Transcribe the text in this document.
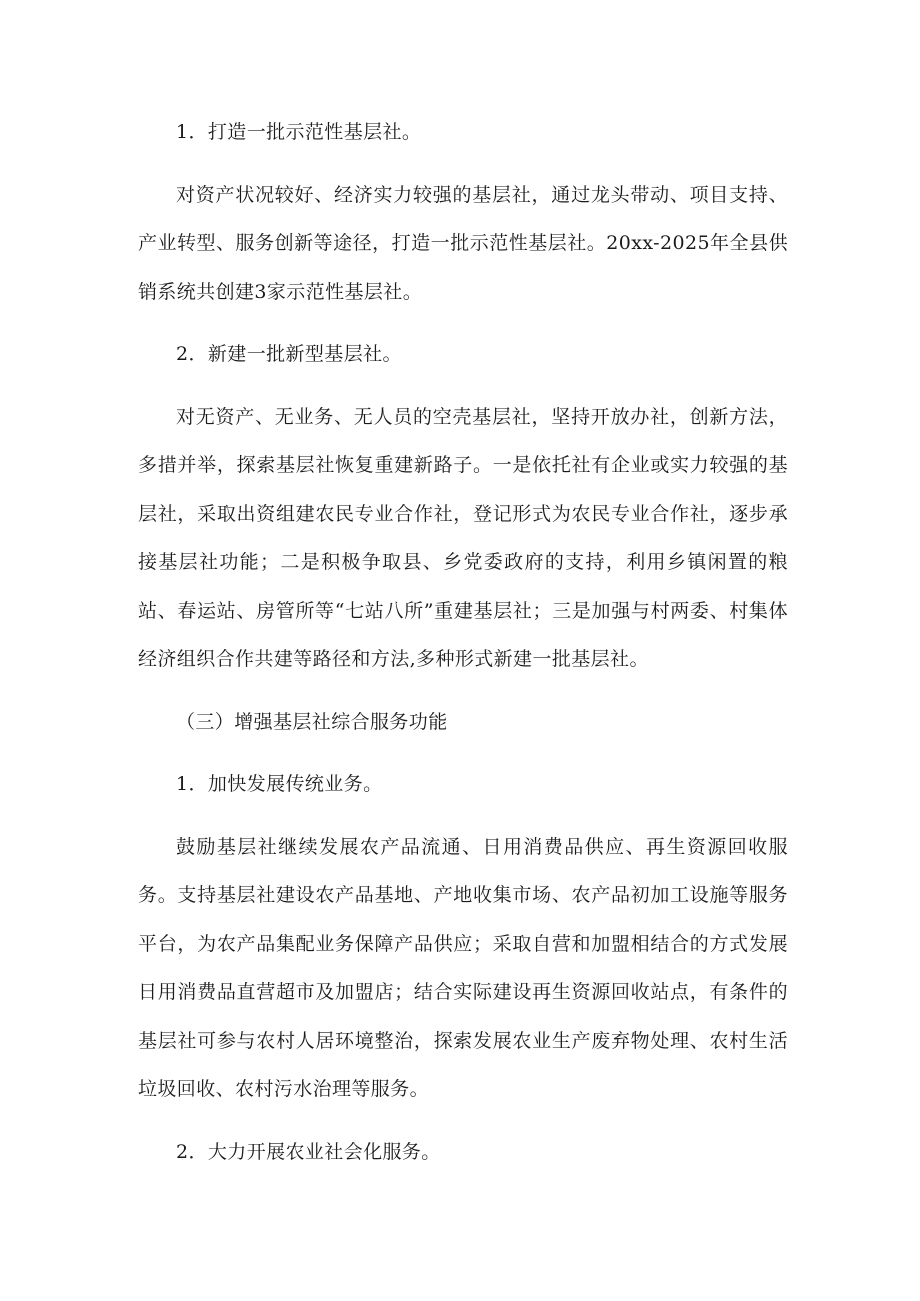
1．打造一批示范性基层社。

对资产状况较好、经济实力较强的基层社，通过龙头带动、项目支持、产业转型、服务创新等途径，打造一批示范性基层社。20xx-2025年全县供销系统共创建3家示范性基层社。

2．新建一批新型基层社。

对无资产、无业务、无人员的空壳基层社，坚持开放办社，创新方法，多措并举，探索基层社恢复重建新路子。一是依托社有企业或实力较强的基层社，采取出资组建农民专业合作社，登记形式为农民专业合作社，逐步承接基层社功能；二是积极争取县、乡党委政府的支持，利用乡镇闲置的粮站、春运站、房管所等“七站八所”重建基层社；三是加强与村两委、村集体经济组织合作共建等路径和方法,多种形式新建一批基层社。

（三）增强基层社综合服务功能

1．加快发展传统业务。

鼓励基层社继续发展农产品流通、日用消费品供应、再生资源回收服务。支持基层社建设农产品基地、产地收集市场、农产品初加工设施等服务平台，为农产品集配业务保障产品供应；采取自营和加盟相结合的方式发展日用消费品直营超市及加盟店；结合实际建设再生资源回收站点，有条件的基层社可参与农村人居环境整治，探索发展农业生产废弃物处理、农村生活垃圾回收、农村污水治理等服务。

2．大力开展农业社会化服务。
